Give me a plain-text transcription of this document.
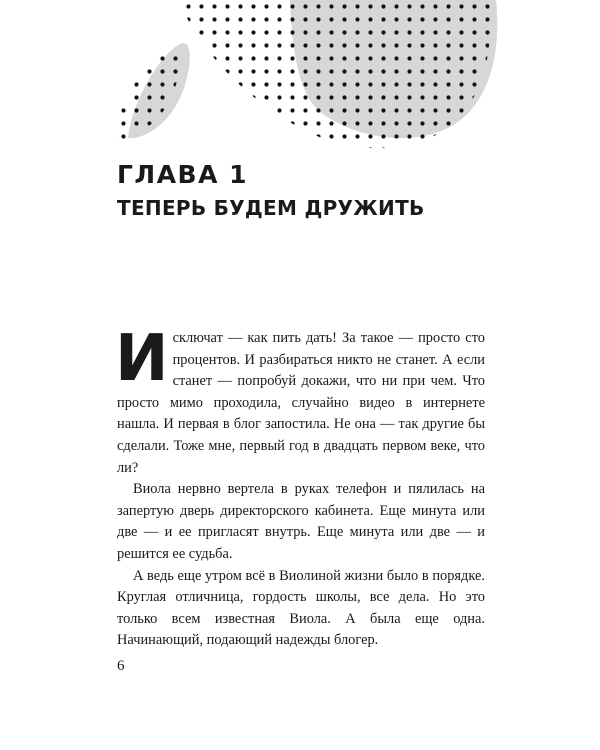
ГЛАВА 1
ТЕПЕРЬ БУДЕМ ДРУЖИТЬ

Исключат — как пить дать! За такое — просто сто процентов. И разбираться никто не станет. А если станет — попробуй докажи, что ни при чем. Что просто мимо проходила, случайно видео в интернете нашла. И первая в блог запостила. Не она — так другие бы сделали. Тоже мне, первый год в двадцать первом веке, что ли?

Виола нервно вертела в руках телефон и пялилась на запертую дверь директорского кабинета. Еще минута или две — и ее пригласят внутрь. Еще минута или две — и решится ее судьба.

А ведь еще утром всё в Виолиной жизни было в порядке. Круглая отличница, гордость школы, все дела. Но это только всем известная Виола. А была еще одна. Начинающий, подающий надежды блогер.

6
